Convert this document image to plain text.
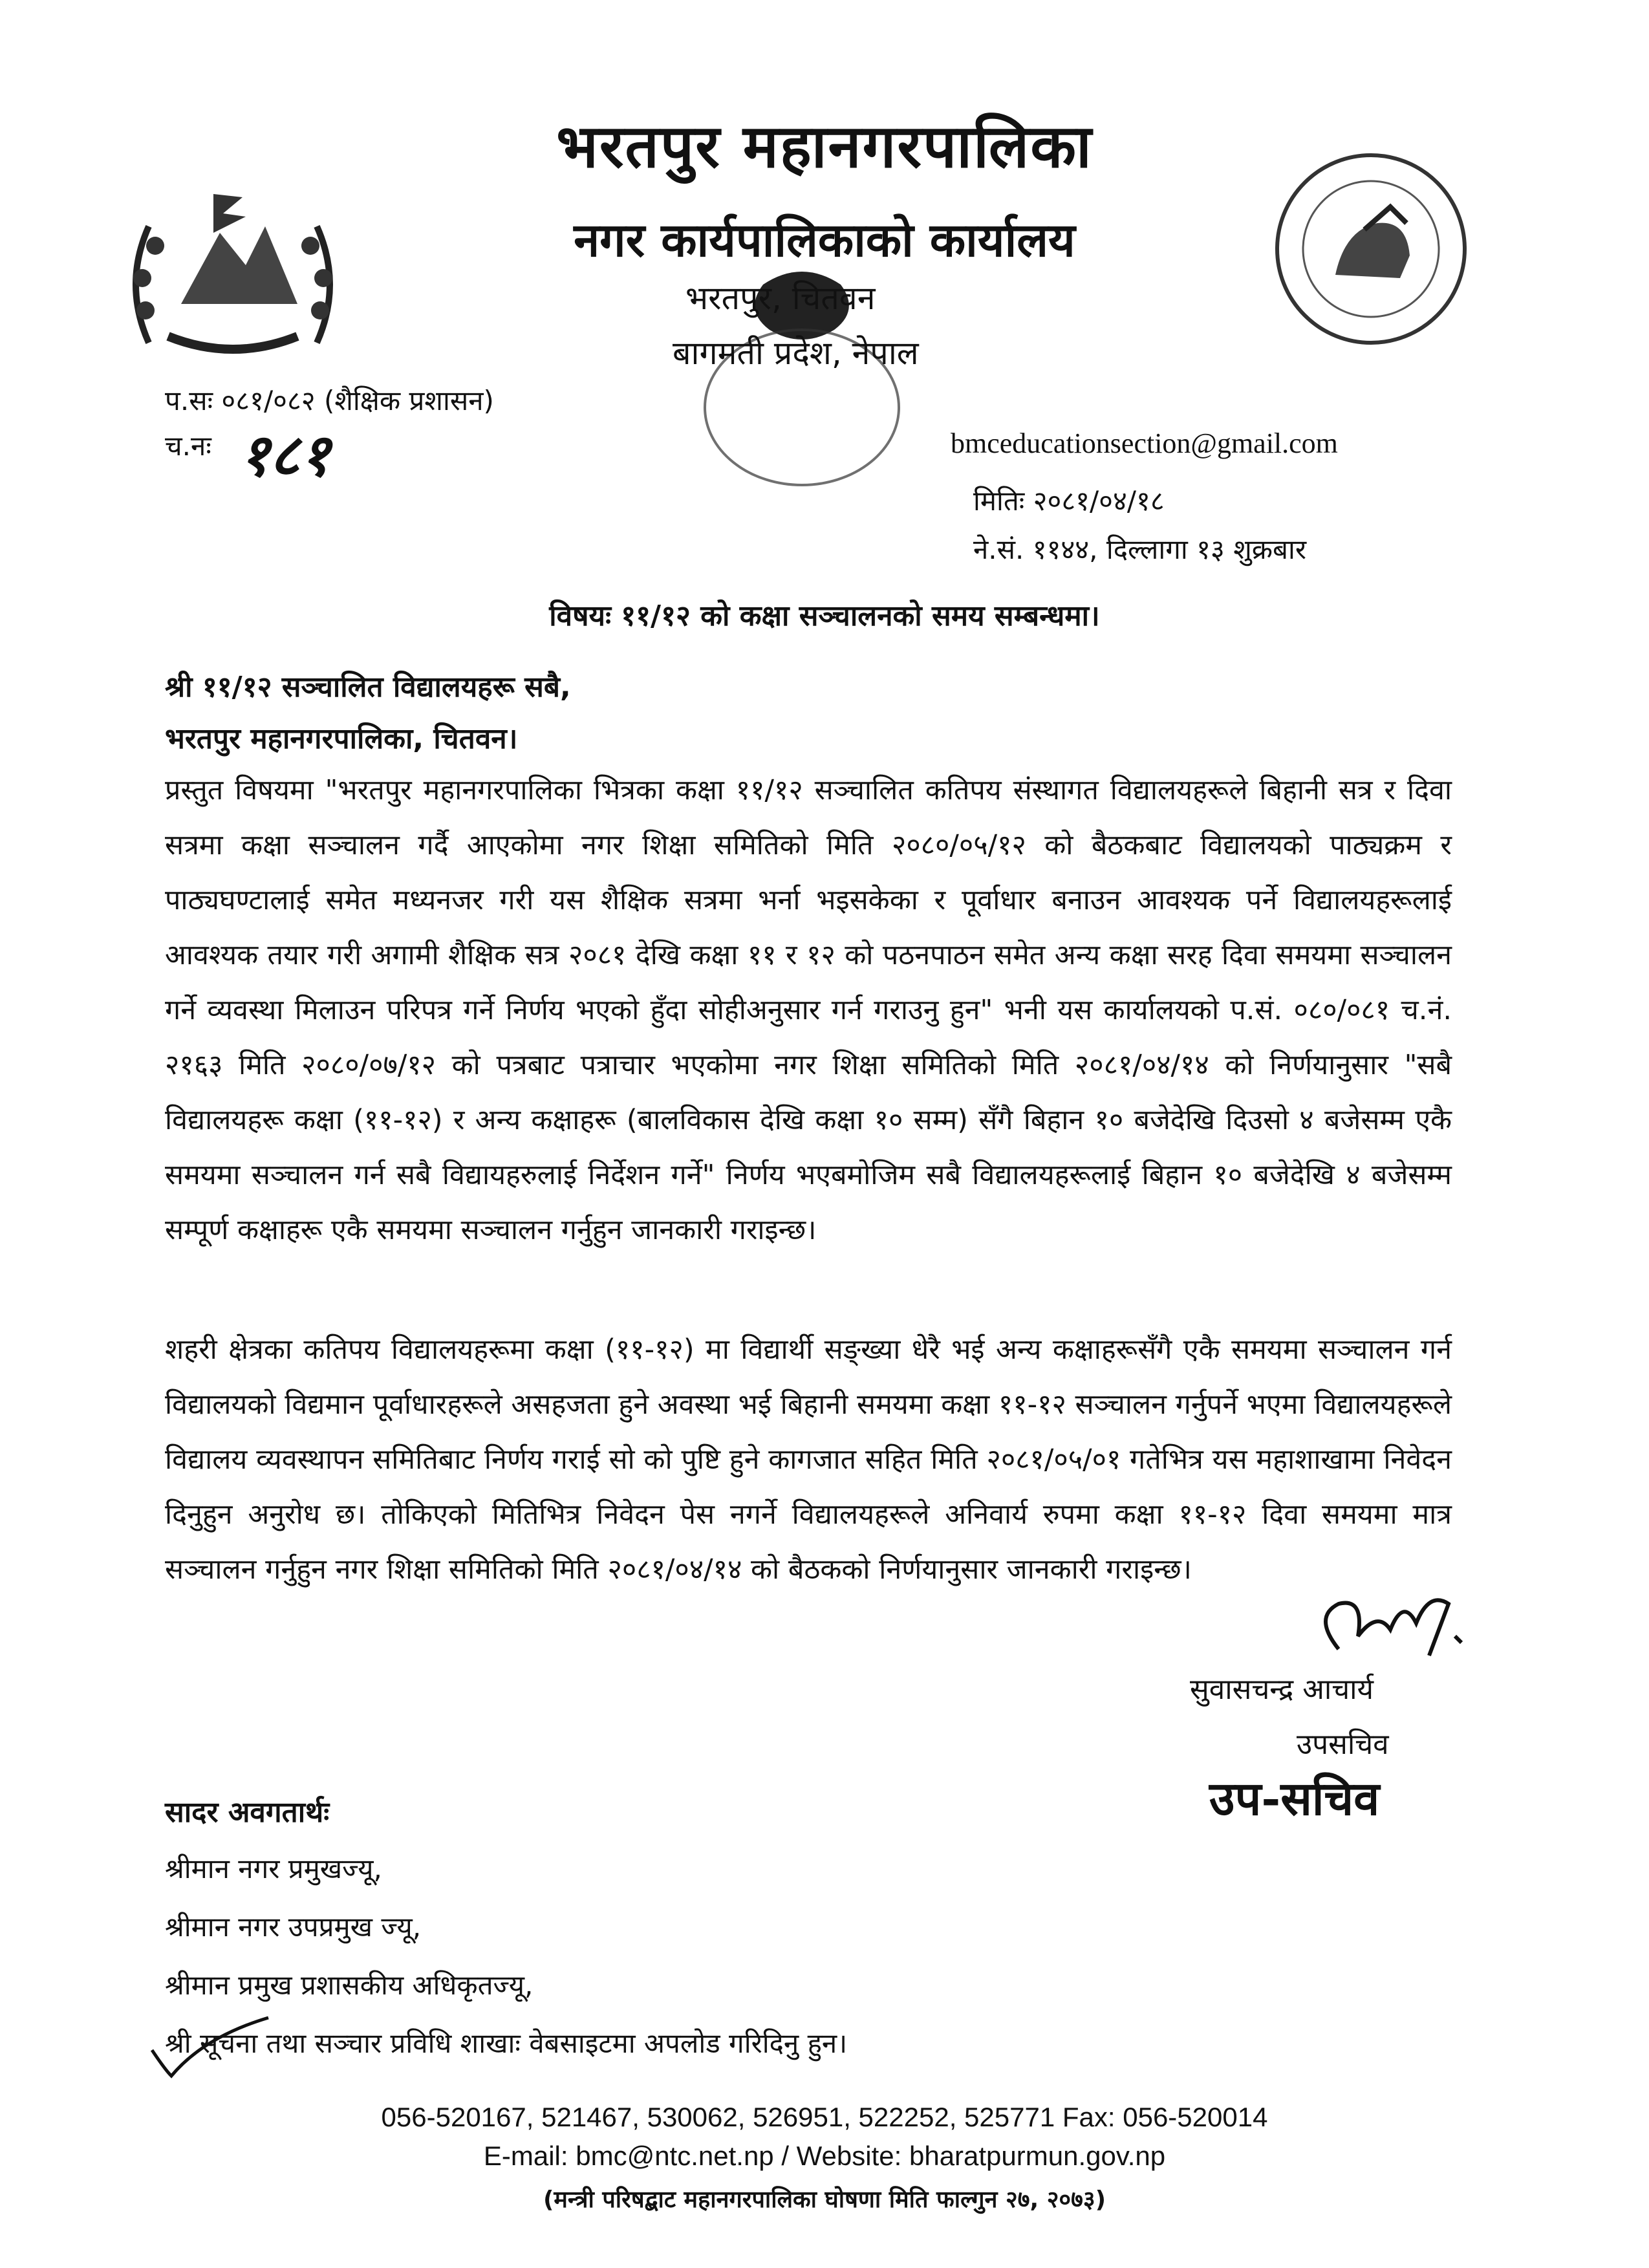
भरतपुर महानगरपालिका
नगर कार्यपालिकाको कार्यालय
भरतपुर, चितवन
बागमती प्रदेश, नेपाल
प.सः ०८१/०८२ (शैक्षिक प्रशासन)
च.नः १८१	bmceducationsection@gmail.com
मितिः २०८१/०४/१८
ने.सं. ११४४, दिल्लागा १३ शुक्रबार
विषयः ११/१२ को कक्षा सञ्चालनको समय सम्बन्धमा।
श्री ११/१२ सञ्चालित विद्यालयहरू सबै,
भरतपुर महानगरपालिका, चितवन।
प्रस्तुत विषयमा "भरतपुर महानगरपालिका भित्रका कक्षा ११/१२ सञ्चालित कतिपय संस्थागत विद्यालयहरूले बिहानी सत्र र दिवा सत्रमा कक्षा सञ्चालन गर्दै आएकोमा नगर शिक्षा समितिको मिति २०८०/०५/१२ को बैठकबाट विद्यालयको पाठ्यक्रम र पाठ्यघण्टालाई समेत मध्यनजर गरी यस शैक्षिक सत्रमा भर्ना भइसकेका र पूर्वाधार बनाउन आवश्यक पर्ने विद्यालयहरूलाई आवश्यक तयार गरी अगामी शैक्षिक सत्र २०८१ देखि कक्षा ११ र १२ को पठनपाठन समेत अन्य कक्षा सरह दिवा समयमा सञ्चालन गर्ने व्यवस्था मिलाउन परिपत्र गर्ने निर्णय भएको हुँदा सोहीअनुसार गर्न गराउनु हुन" भनी यस कार्यालयको प.सं. ०८०/०८१ च.नं. २१६३ मिति २०८०/०७/१२ को पत्रबाट पत्राचार भएकोमा नगर शिक्षा समितिको मिति २०८१/०४/१४ को निर्णयानुसार "सबै विद्यालयहरू कक्षा (११-१२) र अन्य कक्षाहरू (बालविकास देखि कक्षा १० सम्म) सँगै बिहान १० बजेदेखि दिउसो ४ बजेसम्म एकै समयमा सञ्चालन गर्न सबै विद्यायहरुलाई निर्देशन गर्ने" निर्णय भएबमोजिम सबै विद्यालयहरूलाई बिहान १० बजेदेखि ४ बजेसम्म सम्पूर्ण कक्षाहरू एकै समयमा सञ्चालन गर्नुहुन जानकारी गराइन्छ।
शहरी क्षेत्रका कतिपय विद्यालयहरूमा कक्षा (११-१२) मा विद्यार्थी सङ्ख्या धेरै भई अन्य कक्षाहरूसँगै एकै समयमा सञ्चालन गर्न विद्यालयको विद्यमान पूर्वाधारहरूले असहजता हुने अवस्था भई बिहानी समयमा कक्षा ११-१२ सञ्चालन गर्नुपर्ने भएमा विद्यालयहरूले विद्यालय व्यवस्थापन समितिबाट निर्णय गराई सो को पुष्टि हुने कागजात सहित मिति २०८१/०५/०१ गतेभित्र यस महाशाखामा निवेदन दिनुहुन अनुरोध छ। तोकिएको मितिभित्र निवेदन पेस नगर्ने विद्यालयहरूले अनिवार्य रुपमा कक्षा ११-१२ दिवा समयमा मात्र सञ्चालन गर्नुहुन नगर शिक्षा समितिको मिति २०८१/०४/१४ को बैठकको निर्णयानुसार जानकारी गराइन्छ।
सुवासचन्द्र आचार्य
उपसचिव
उप-सचिव
सादर अवगतार्थः
श्रीमान नगर प्रमुखज्यू,
श्रीमान नगर उपप्रमुख ज्यू,
श्रीमान प्रमुख प्रशासकीय अधिकृतज्यू,
श्री सूचना तथा सञ्चार प्रविधि शाखाः वेबसाइटमा अपलोड गरिदिनु हुन।
056-520167, 521467, 530062, 526951, 522252, 525771 Fax: 056-520014
E-mail: bmc@ntc.net.np / Website: bharatpurmun.gov.np
(मन्त्री परिषद्बाट महानगरपालिका घोषणा मिति फाल्गुन २७, २०७३)
